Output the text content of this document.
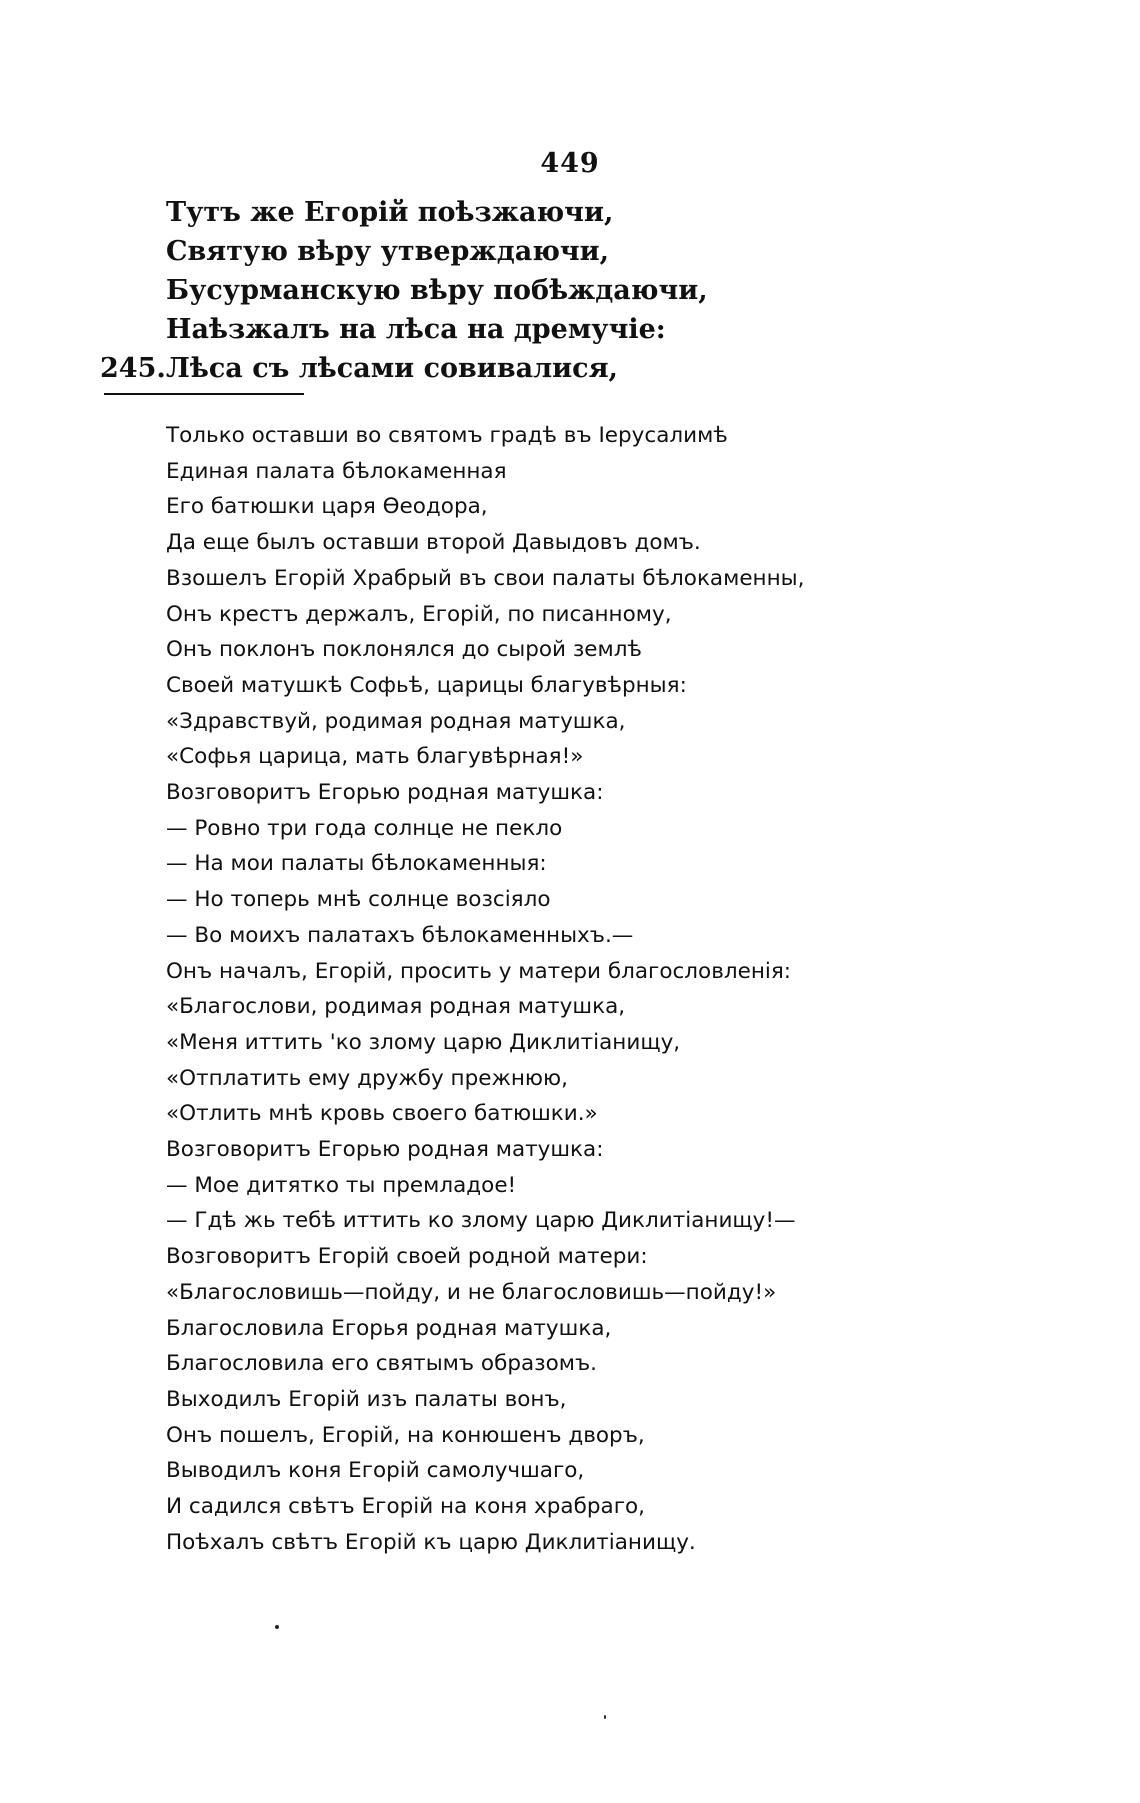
449
Тутъ же Егорій поѣзжаючи,
Святую вѣру утверждаючи,
Бусурманскую вѣру побѣждаючи,
Наѣзжалъ на лѣса на дремучіе:
245. Лѣса съ лѣсами совивалися,
Только оставши во святомъ градѣ въ Іерусалимѣ
Единая палата бѣлокаменная
Его батюшки царя Өеодора,
Да еще былъ оставши второй Давыдовъ домъ.
Взошелъ Егорій Храбрый въ свои палаты бѣлокаменны,
Онъ крестъ держалъ, Егорій, по писанному,
Онъ поклонъ поклонялся до сырой землѣ
Своей матушкѣ Софьѣ, царицы благувѣрныя:
«Здравствуй, родимая родная матушка,
«Софья царица, мать благувѣрная!»
Возговоритъ Егорью родная матушка:
— Ровно три года солнце не пекло
— На мои палаты бѣлокаменныя:
— Но топерь мнѣ солнце возсіяло
— Во моихъ палатахъ бѣлокаменныхъ.—
Онъ началъ, Егорій, просить у матери благословленія:
«Благослови, родимая родная матушка,
«Меня иттить 'ко злому царю Диклитіанищу,
«Отплатить ему дружбу прежнюю,
«Отлить мнѣ кровь своего батюшки.»
Возговоритъ Егорью родная матушка:
— Мое дитятко ты премладое!
— Гдѣ жь тебѣ иттить ко злому царю Диклитіанищу!—
Возговоритъ Егорій своей родной матери:
«Благословишь—пойду, и не благословишь—пойду!»
Благословила Егорья родная матушка,
Благословила его святымъ образомъ.
Выходилъ Егорій изъ палаты вонъ,
Онъ пошелъ, Егорій, на конюшенъ дворъ,
Выводилъ коня Егорій самолучшаго,
И садился свѣтъ Егорій на коня храбраго,
Поѣхалъ свѣтъ Егорій къ царю Диклитіанищу.
